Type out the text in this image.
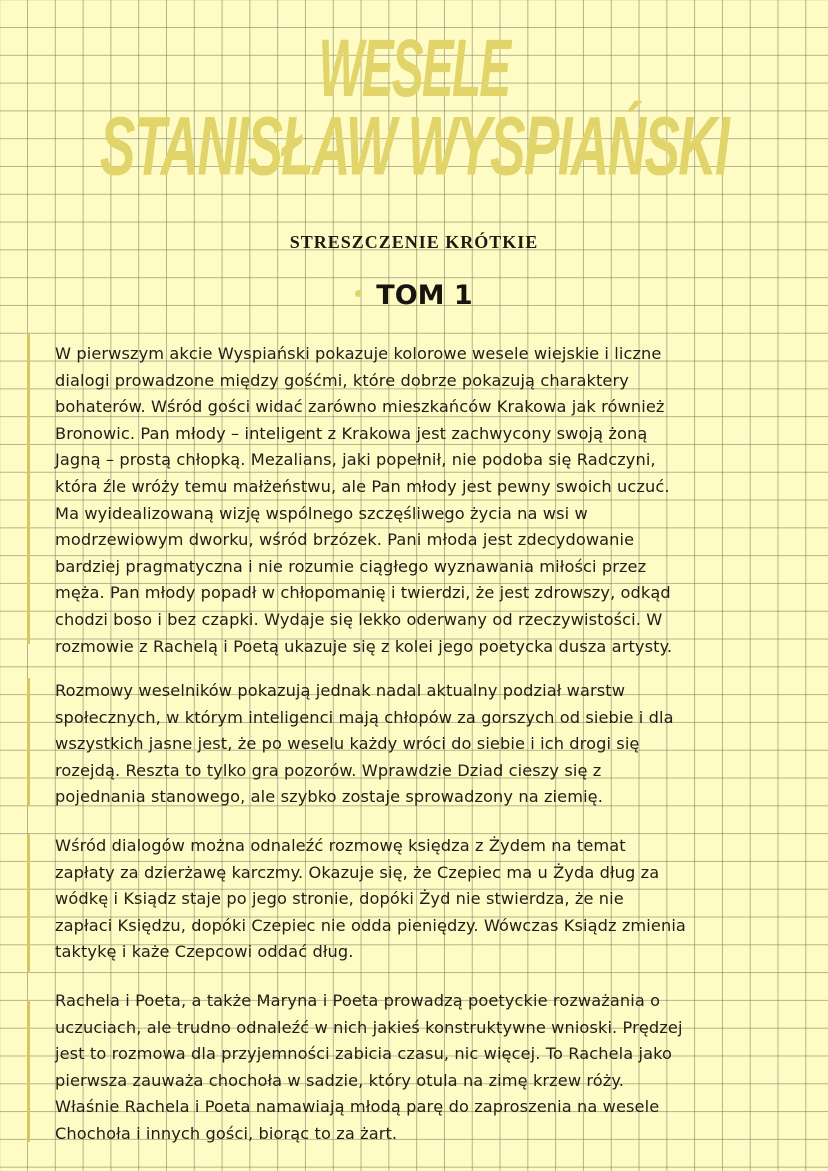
WESELE
STANISŁAW WYSPIAŃSKI
STRESZCZENIE KRÓTKIE
TOM 1
W pierwszym akcie Wyspiański pokazuje kolorowe wesele wiejskie i liczne
dialogi prowadzone między gośćmi, które dobrze pokazują charaktery
bohaterów. Wśród gości widać zarówno mieszkańców Krakowa jak również
Bronowic. Pan młody – inteligent z Krakowa jest zachwycony swoją żoną
Jagną – prostą chłopką. Mezalians, jaki popełnił, nie podoba się Radczyni,
która źle wróży temu małżeństwu, ale Pan młody jest pewny swoich uczuć.
Ma wyidealizowaną wizję wspólnego szczęśliwego życia na wsi w
modrzewiowym dworku, wśród brzózek. Pani młoda jest zdecydowanie
bardziej pragmatyczna i nie rozumie ciągłego wyznawania miłości przez
męża. Pan młody popadł w chłopomanię i twierdzi, że jest zdrowszy, odkąd
chodzi boso i bez czapki. Wydaje się lekko oderwany od rzeczywistości. W
rozmowie z Rachelą i Poetą ukazuje się z kolei jego poetycka dusza artysty.
Rozmowy weselników pokazują jednak nadal aktualny podział warstw
społecznych, w którym inteligenci mają chłopów za gorszych od siebie i dla
wszystkich jasne jest, że po weselu każdy wróci do siebie i ich drogi się
rozejdą. Reszta to tylko gra pozorów. Wprawdzie Dziad cieszy się z
pojednania stanowego, ale szybko zostaje sprowadzony na ziemię.
Wśród dialogów można odnaleźć rozmowę księdza z Żydem na temat
zapłaty za dzierżawę karczmy. Okazuje się, że Czepiec ma u Żyda dług za
wódkę i Ksiądz staje po jego stronie, dopóki Żyd nie stwierdza, że nie
zapłaci Księdzu, dopóki Czepiec nie odda pieniędzy. Wówczas Ksiądz zmienia
taktykę i każe Czepcowi oddać dług.
Rachela i Poeta, a także Maryna i Poeta prowadzą poetyckie rozważania o
uczuciach, ale trudno odnaleźć w nich jakieś konstruktywne wnioski. Prędzej
jest to rozmowa dla przyjemności zabicia czasu, nic więcej. To Rachela jako
pierwsza zauważa chochoła w sadzie, który otula na zimę krzew róży.
Właśnie Rachela i Poeta namawiają młodą parę do zaproszenia na wesele
Chochoła i innych gości, biorąc to za żart.
